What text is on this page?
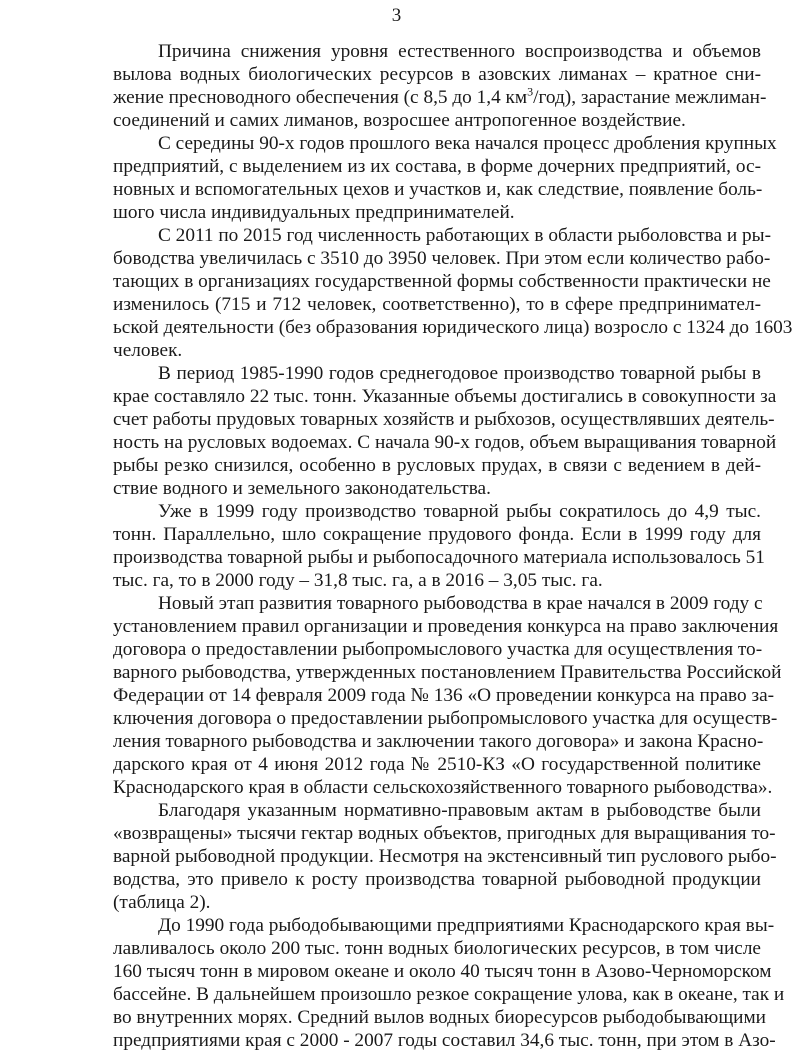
3
Причина снижения уровня естественного воспроизводства и объемов
вылова водных биологических ресурсов в азовских лиманах – кратное сни-
жение пресноводного обеспечения (с 8,5 до 1,4 $км^3/год$), зарастание межлиман-
соединений и самих лиманов, возросшее антропогенное воздействие.
С середины 90-х годов прошлого века начался процесс дробления крупных
предприятий, с выделением из их состава, в форме дочерних предприятий, ос-
новных и вспомогательных цехов и участков и, как следствие, появление боль-
шого числа индивидуальных предпринимателей.
С 2011 по 2015 год численность работающих в области рыболовства и ры-
боводства увеличилась с 3510 до 3950 человек. При этом если количество рабо-
тающих в организациях государственной формы собственности практически не
изменилось (715 и 712 человек, соответственно), то в сфере предпринимател-
ьской деятельности (без образования юридического лица) возросло с 1324 до 1603
человек.
В период 1985-1990 годов среднегодовое производство товарной рыбы в
крае составляло 22 тыс. тонн. Указанные объемы достигались в совокупности за
счет работы прудовых товарных хозяйств и рыбхозов, осуществлявших деятель-
ность на русловых водоемах. С начала 90-х годов, объем выращивания товарной
рыбы резко снизился, особенно в русловых прудах, в связи с ведением в дей-
ствие водного и земельного законодательства.
Уже в 1999 году производство товарной рыбы сократилось до 4,9 тыс.
тонн. Параллельно, шло сокращение прудового фонда. Если в 1999 году для
производства товарной рыбы и рыбопосадочного материала использовалось 51
тыс. га, то в 2000 году – 31,8 тыс. га, а в 2016 – 3,05 тыс. га.
Новый этап развития товарного рыбоводства в крае начался в 2009 году с
установлением правил организации и проведения конкурса на право заключения
договора о предоставлении рыбопромыслового участка для осуществления то-
варного рыбоводства, утвержденных постановлением Правительства Российской
Федерации от 14 февраля 2009 года № 136 «О проведении конкурса на право за-
ключения договора о предоставлении рыбопромыслового участка для осуществ-
ления товарного рыбоводства и заключении такого договора» и закона Красно-
дарского края от 4 июня 2012 года № 2510-КЗ «О государственной политике
Краснодарского края в области сельскохозяйственного товарного рыбоводства».
Благодаря указанным нормативно-правовым актам в рыбоводстве были
«возвращены» тысячи гектар водных объектов, пригодных для выращивания то-
варной рыбоводной продукции. Несмотря на экстенсивный тип руслового рыбо-
водства, это привело к росту производства товарной рыбоводной продукции
(таблица 2).
До 1990 года рыбодобывающими предприятиями Краснодарского края вы-
лавливалось около 200 тыс. тонн водных биологических ресурсов, в том числе
160 тысяч тонн в мировом океане и около 40 тысяч тонн в Азово-Черноморском
бассейне. В дальнейшем произошло резкое сокращение улова, как в океане, так и
во внутренних морях. Средний вылов водных биоресурсов рыбодобывающими
предприятиями края с 2000 - 2007 годы составил 34,6 тыс. тонн, при этом в Азо-
